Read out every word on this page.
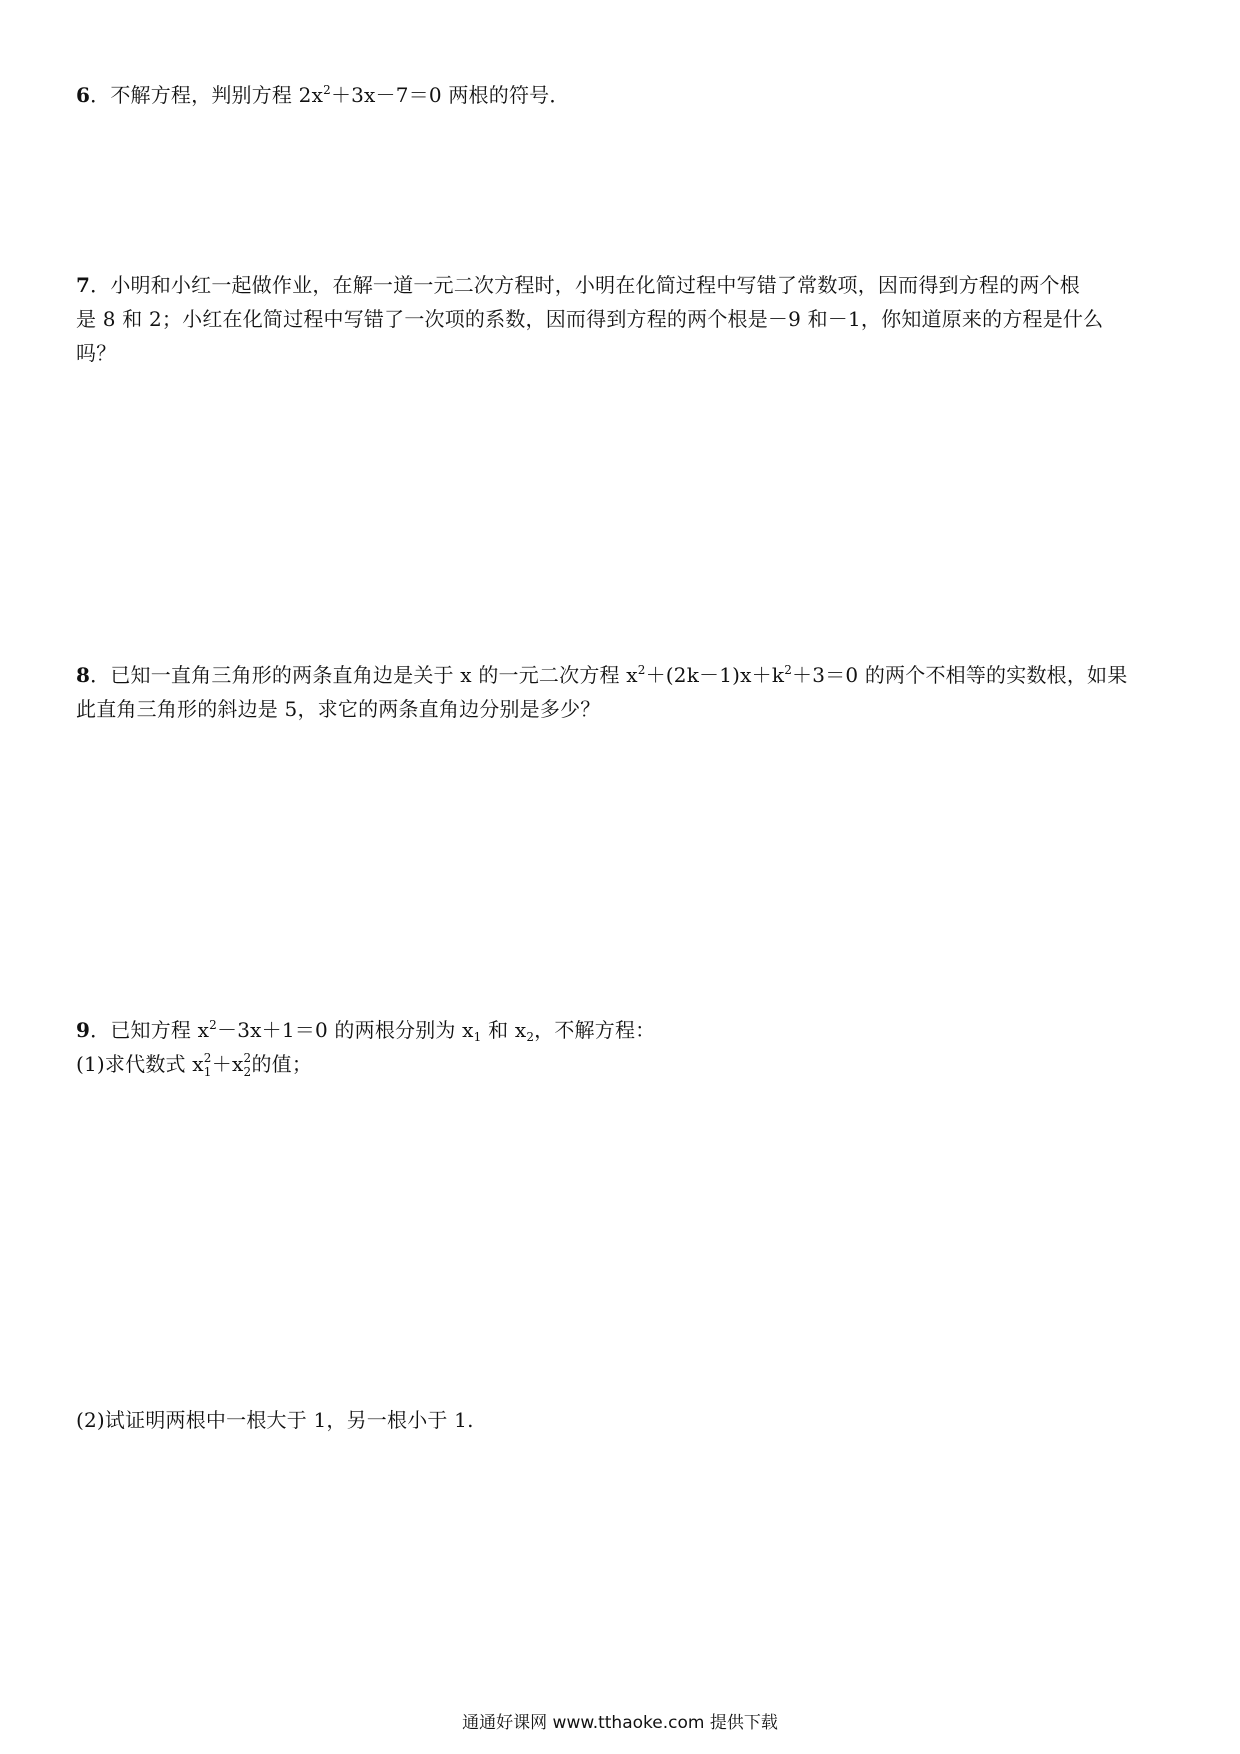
6．不解方程，判别方程 $2x^2+3x-7=0$ 两根的符号．
7．小明和小红一起做作业，在解一道一元二次方程时，小明在化简过程中写错了常数项，因而得到方程的两个根
是 8 和 2；小红在化简过程中写错了一次项的系数，因而得到方程的两个根是－9 和－1，你知道原来的方程是什么
吗？
8．已知一直角三角形的两条直角边是关于 x 的一元二次方程 $x^2+(2k-1)x+k^2+3=0$ 的两个不相等的实数根，如果
此直角三角形的斜边是 5，求它的两条直角边分别是多少？
9．已知方程 $x^2-3x+1=0$ 的两根分别为 $x_1$ 和 $x_2$，不解方程：
(1)求代数式 x 2
1 ＋x 2
2 的值；
(2)试证明两根中一根大于 1，另一根小于 1.
通通好课网 www.tthaoke.com 提供下载
